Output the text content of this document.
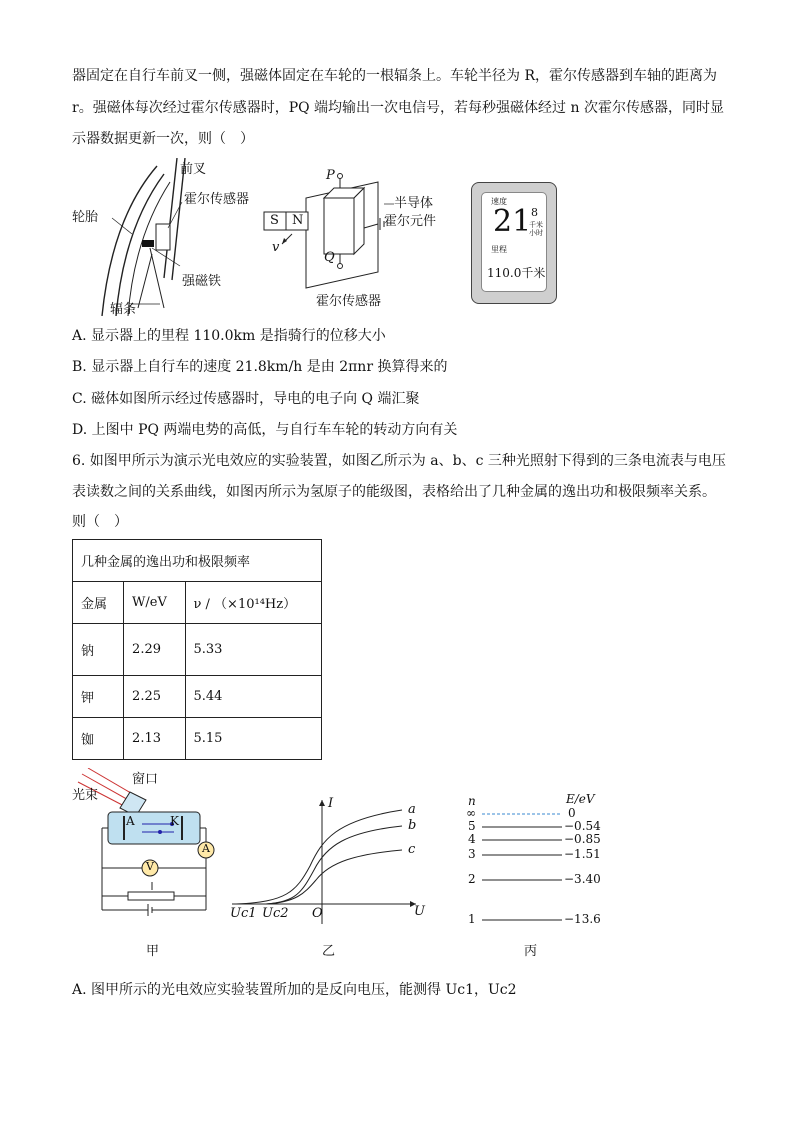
器固定在自行车前叉一侧，强磁体固定在车轮的一根辐条上。车轮半径为 R，霍尔传感器到车轴的距离为
r。强磁体每次经过霍尔传感器时，PQ 端均输出一次电信号，若每秒强磁体经过 n 次霍尔传感器，同时显
示器数据更新一次，则（　）
前叉
霍尔传感器
轮胎
强磁铁
辐条
P
Q
S N
v
半导体
霍尔元件
霍尔传感器
速度
21 8
千米
小时
里程
110.0千米
A. 显示器上的里程 110.0km 是指骑行的位移大小
B. 显示器上自行车的速度 21.8km/h 是由 2πnr 换算得来的
C. 磁体如图所示经过传感器时，导电的电子向 Q 端汇聚
D. 上图中 PQ 两端电势的高低，与自行车车轮的转动方向有关
6. 如图甲所示为演示光电效应的实验装置，如图乙所示为 a、b、c 三种光照射下得到的三条电流表与电压
表读数之间的关系曲线，如图丙所示为氢原子的能级图，表格给出了几种金属的逸出功和极限频率关系。
则（　）
几种金属的逸出功和极限频率		
金属	W/eV	ν / （×10¹⁴Hz）
钠	2.29	5.33
钾	2.25	5.44
铷	2.13	5.15
窗口
光束
A	K
V
A
甲
I
U
O
a
b
c
Uc1 Uc2
乙
n	E/eV
∞	0
5	−0.54
4	−0.85
3	−1.51
2	−3.40
1	−13.6
丙
A. 图甲所示的光电效应实验装置所加的是反向电压，能测得 Uc1，Uc2
